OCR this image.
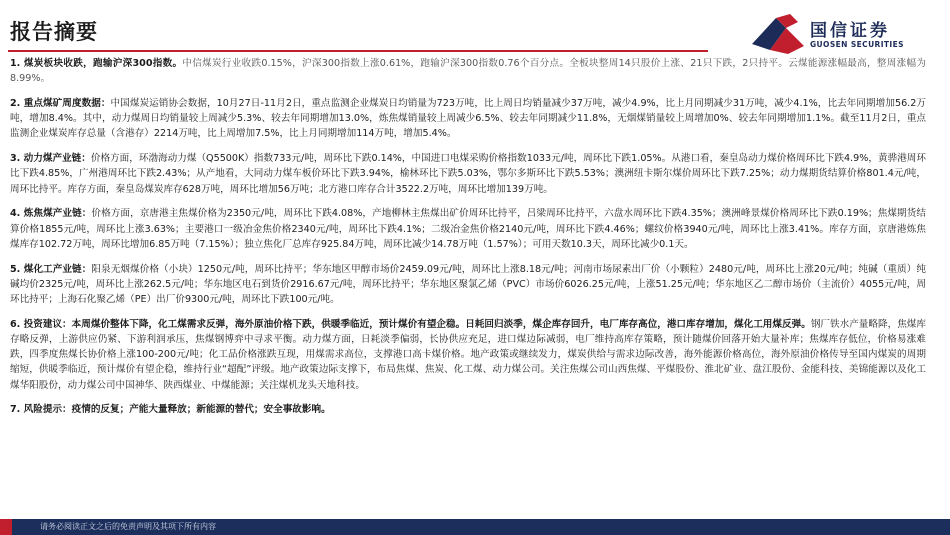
报告摘要	国信证券
GUOSEN SECURITIES

1. 煤炭板块收跌，跑输沪深300指数。中信煤炭行业收跌0.15%，沪深300指数上涨0.61%，跑输沪深300指数0.76个百分点。全板块整周14只股价上涨、21只下跌，2只持平。云煤能源涨幅最高，整周涨幅为8.99%。

2. 重点煤矿周度数据：中国煤炭运销协会数据，10月27日-11月2日，重点监测企业煤炭日均销量为723万吨，比上周日均销量减少37万吨，减少4.9%，比上月同期减少31万吨，减少4.1%，比去年同期增加56.2万吨，增加8.4%。其中，动力煤周日均销量较上周减少5.3%、较去年同期增加13.0%，炼焦煤销量较上周减少6.5%、较去年同期减少11.8%，无烟煤销量较上周增加0%、较去年同期增加1.1%。截至11月2日，重点监测企业煤炭库存总量（含港存）2214万吨，比上周增加7.5%，比上月同期增加114万吨，增加5.4%。

3. 动力煤产业链：价格方面，环渤海动力煤（Q5500K）指数733元/吨，周环比下跌0.14%，中国进口电煤采购价格指数1033元/吨，周环比下跌1.05%。从港口看，秦皇岛动力煤价格周环比下跌4.9%，黄骅港周环比下跌4.85%，广州港周环比下跌2.43%；从产地看，大同动力煤车板价环比下跌3.94%，榆林环比下跌5.03%，鄂尔多斯环比下跌5.53%；澳洲纽卡斯尔煤价周环比下跌7.25%；动力煤期货结算价格801.4元/吨，周环比持平。库存方面，秦皇岛煤炭库存628万吨，周环比增加56万吨；北方港口库存合计3522.2万吨，周环比增加139万吨。

4. 炼焦煤产业链：价格方面，京唐港主焦煤价格为2350元/吨，周环比下跌4.08%，产地柳林主焦煤出矿价周环比持平，吕梁周环比持平，六盘水周环比下跌4.35%；澳洲峰景煤价格周环比下跌0.19%；焦煤期货结算价格1855元/吨，周环比上涨3.63%；主要港口一级冶金焦价格2340元/吨，周环比下跌4.1%；二级冶金焦价格2140元/吨，周环比下跌4.46%；螺纹价格3940元/吨，周环比上涨3.41%。库存方面，京唐港炼焦煤库存102.72万吨，周环比增加6.85万吨（7.15%）；独立焦化厂总库存925.84万吨，周环比减少14.78万吨（1.57%）；可用天数10.3天，周环比减少0.1天。

5. 煤化工产业链：阳泉无烟煤价格（小块）1250元/吨，周环比持平；华东地区甲醇市场价2459.09元/吨，周环比上涨8.18元/吨；河南市场尿素出厂价（小颗粒）2480元/吨，周环比上涨20元/吨；纯碱（重质）纯碱均价2325元/吨，周环比上涨262.5元/吨；华东地区电石到货价2916.67元/吨，周环比持平；华东地区聚氯乙烯（PVC）市场价6026.25元/吨，上涨51.25元/吨；华东地区乙二醇市场价（主流价）4055元/吨，周环比持平；上海石化聚乙烯（PE）出厂价9300元/吨，周环比下跌100元/吨。

6. 投资建议：本周煤价整体下降，化工煤需求反弹，海外原油价格下跌，供暖季临近，预计煤价有望企稳。日耗回归淡季，煤企库存回升，电厂库存高位，港口库存增加，煤化工用煤反弹。钢厂铁水产量略降，焦煤库存略反弹，上游供应仍紧、下游利润承压，焦煤钢博弈中寻求平衡。动力煤方面，日耗淡季偏弱，长协供应充足，进口煤边际减弱，电厂维持高库存策略，预计随煤价回落开始大量补库；焦煤库存低位，价格易涨难跌，四季度焦煤长协价格上涨100-200元/吨；化工品价格涨跌互现，用煤需求高位，支撑港口高卡煤价格。地产政策或继续发力，煤炭供给与需求边际改善，海外能源价格高位，海外原油价格传导至国内煤炭的周期缩短，供暖季临近，预计煤价有望企稳，维持行业“超配”评级。地产政策边际支撑下，布局焦煤、焦炭、化工煤、动力煤公司。关注焦煤公司山西焦煤、平煤股份、淮北矿业、盘江股份、金能科技、美锦能源以及化工煤华阳股份，动力煤公司中国神华、陕西煤业、中煤能源；关注煤机龙头天地科技。

7. 风险提示：疫情的反复；产能大量释放；新能源的替代；安全事故影响。

请务必阅读正文之后的免责声明及其项下所有内容
